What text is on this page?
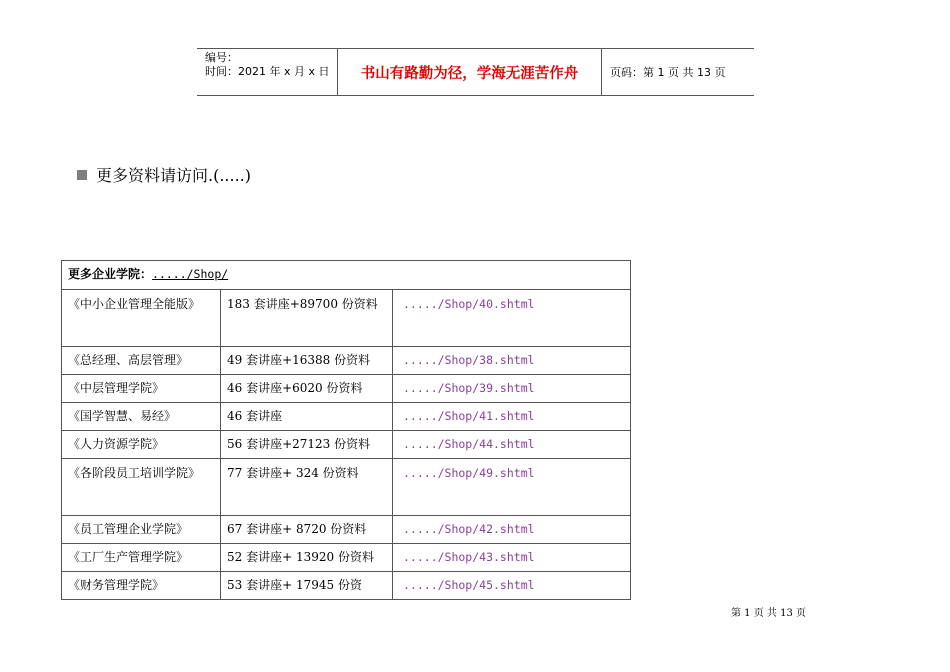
编号：
时间：2021 年 x 月 x 日	书山有路勤为径，学海无涯苦作舟	页码：第 1 页 共 13 页
更多资料请访问.(.....)
更多企业学院：...../Shop/		
《中小企业管理全能版》	183 套讲座+89700 份资料	...../Shop/40.shtml
《总经理、高层管理》	49 套讲座+16388 份资料	...../Shop/38.shtml
《中层管理学院》	46 套讲座+6020 份资料	...../Shop/39.shtml
《国学智慧、易经》	46 套讲座	...../Shop/41.shtml
《人力资源学院》	56 套讲座+27123 份资料	...../Shop/44.shtml
《各阶段员工培训学院》	77 套讲座+ 324 份资料	...../Shop/49.shtml
《员工管理企业学院》	67 套讲座+ 8720 份资料	...../Shop/42.shtml
《工厂生产管理学院》	52 套讲座+ 13920 份资料	...../Shop/43.shtml
《财务管理学院》	53 套讲座+ 17945 份资	...../Shop/45.shtml
第 1 页 共 13 页
